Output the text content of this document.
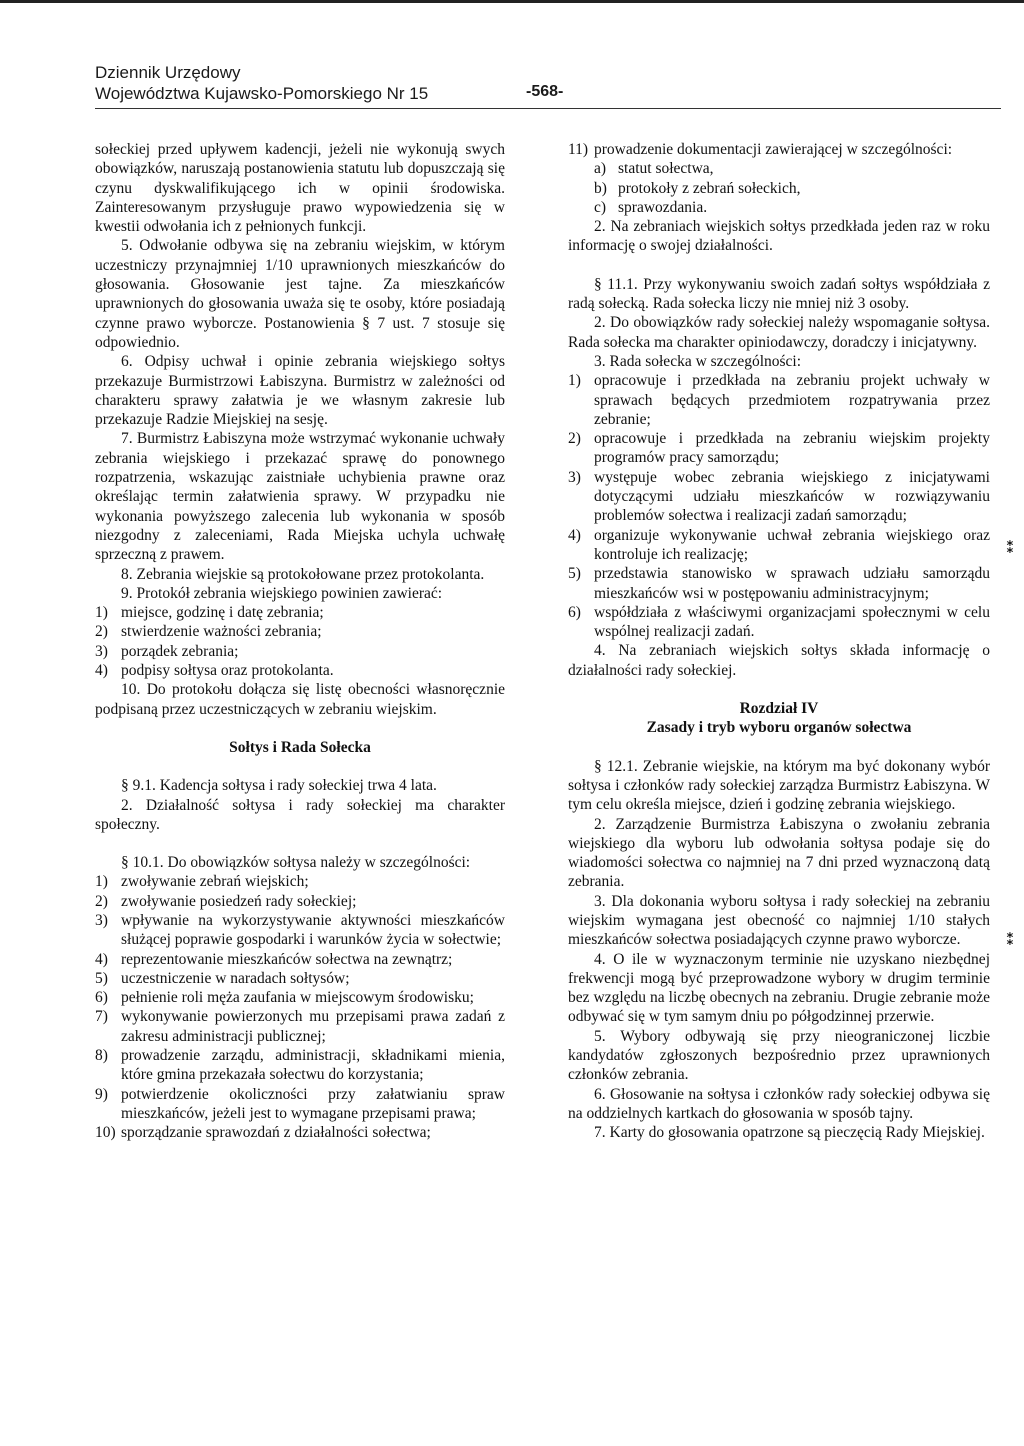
Dziennik Urzędowy
Województwa Kujawsko-Pomorskiego Nr 15	-568-

sołeckiej przed upływem kadencji, jeżeli nie wykonują swych obowiązków, naruszają postanowienia statutu lub dopuszczają się czynu dyskwalifikującego ich w opinii środowiska. Zainteresowanym przysługuje prawo wypowiedzenia się w kwestii odwołania ich z pełnionych funkcji.

5. Odwołanie odbywa się na zebraniu wiejskim, w którym uczestniczy przynajmniej 1/10 uprawnionych mieszkańców do głosowania. Głosowanie jest tajne. Za mieszkańców uprawnionych do głosowania uważa się te osoby, które posiadają czynne prawo wyborcze. Postanowienia § 7 ust. 7 stosuje się odpowiednio.

6. Odpisy uchwał i opinie zebrania wiejskiego sołtys przekazuje Burmistrzowi Łabiszyna. Burmistrz w zależności od charakteru sprawy załatwia je we własnym zakresie lub przekazuje Radzie Miejskiej na sesję.

7. Burmistrz Łabiszyna może wstrzymać wykonanie uchwały zebrania wiejskiego i przekazać sprawę do ponownego rozpatrzenia, wskazując zaistniałe uchybienia prawne oraz określając termin załatwienia sprawy. W przypadku nie wykonania powyższego zalecenia lub wykonania w sposób niezgodny z zaleceniami, Rada Miejska uchyla uchwałę sprzeczną z prawem.

8. Zebrania wiejskie są protokołowane przez protokolanta.

9. Protokół zebrania wiejskiego powinien zawierać:

1) miejsce, godzinę i datę zebrania;
2) stwierdzenie ważności zebrania;
3) porządek zebrania;
4) podpisy sołtysa oraz protokolanta.

10. Do protokołu dołącza się listę obecności własnoręcznie podpisaną przez uczestniczących w zebraniu wiejskim.

Sołtys i Rada Sołecka

§ 9.1. Kadencja sołtysa i rady sołeckiej trwa 4 lata.

2. Działalność sołtysa i rady sołeckiej ma charakter społeczny.

§ 10.1. Do obowiązków sołtysa należy w szczególności:

1) zwoływanie zebrań wiejskich;
2) zwoływanie posiedzeń rady sołeckiej;
3) wpływanie na wykorzystywanie aktywności mieszkańców służącej poprawie gospodarki i warunków życia w sołectwie;
4) reprezentowanie mieszkańców sołectwa na zewnątrz;
5) uczestniczenie w naradach sołtysów;
6) pełnienie roli męża zaufania w miejscowym środowisku;
7) wykonywanie powierzonych mu przepisami prawa zadań z zakresu administracji publicznej;
8) prowadzenie zarządu, administracji, składnikami mienia, które gmina przekazała sołectwu do korzystania;
9) potwierdzenie okoliczności przy załatwianiu spraw mieszkańców, jeżeli jest to wymagane przepisami prawa;
10) sporządzanie sprawozdań z działalności sołectwa;
11) prowadzenie dokumentacji zawierającej w szczególności:
a) statut sołectwa,
b) protokoły z zebrań sołeckich,
c) sprawozdania.

2. Na zebraniach wiejskich sołtys przedkłada jeden raz w roku informację o swojej działalności.

§ 11.1. Przy wykonywaniu swoich zadań sołtys współdziała z radą sołecką. Rada sołecka liczy nie mniej niż 3 osoby.

2. Do obowiązków rady sołeckiej należy wspomaganie sołtysa. Rada sołecka ma charakter opiniodawczy, doradczy i inicjatywny.

3. Rada sołecka w szczególności:

1) opracowuje i przedkłada na zebraniu projekt uchwały w sprawach będących przedmiotem rozpatrywania przez zebranie;
2) opracowuje i przedkłada na zebraniu wiejskim projekty programów pracy samorządu;
3) występuje wobec zebrania wiejskiego z inicjatywami dotyczącymi udziału mieszkańców w rozwiązywaniu problemów sołectwa i realizacji zadań samorządu;
4) organizuje wykonywanie uchwał zebrania wiejskiego oraz kontroluje ich realizację;
5) przedstawia stanowisko w sprawach udziału samorządu mieszkańców wsi w postępowaniu administracyjnym;
6) współdziała z właściwymi organizacjami społecznymi w celu wspólnej realizacji zadań.

4. Na zebraniach wiejskich sołtys składa informację o działalności rady sołeckiej.

Rozdział IV

Zasady i tryb wyboru organów sołectwa

§ 12.1. Zebranie wiejskie, na którym ma być dokonany wybór sołtysa i członków rady sołeckiej zarządza Burmistrz Łabiszyna. W tym celu określa miejsce, dzień i godzinę zebrania wiejskiego.

2. Zarządzenie Burmistrza Łabiszyna o zwołaniu zebrania wiejskiego dla wyboru lub odwołania sołtysa podaje się do wiadomości sołectwa co najmniej na 7 dni przed wyznaczoną datą zebrania.

3. Dla dokonania wyboru sołtysa i rady sołeckiej na zebraniu wiejskim wymagana jest obecność co najmniej 1/10 stałych mieszkańców sołectwa posiadających czynne prawo wyborcze.

4. O ile w wyznaczonym terminie nie uzyskano niezbędnej frekwencji mogą być przeprowadzone wybory w drugim terminie bez względu na liczbę obecnych na zebraniu. Drugie zebranie może odbywać się w tym samym dniu po półgodzinnej przerwie.

5. Wybory odbywają się przy nieograniczonej liczbie kandydatów zgłoszonych bezpośrednio przez uprawnionych członków zebrania.

6. Głosowanie na sołtysa i członków rady sołeckiej odbywa się na oddzielnych kartkach do głosowania w sposób tajny.

7. Karty do głosowania opatrzone są pieczęcią Rady Miejskiej.

⁑
⁑
